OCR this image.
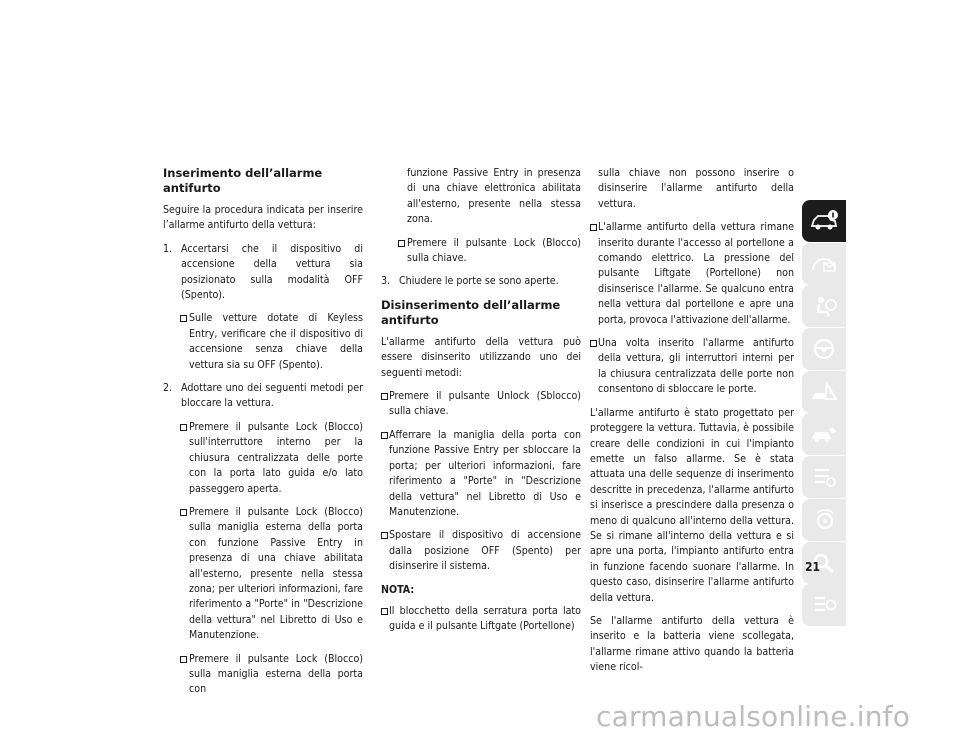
Inserimento dell’allarme antifurto

Seguire la procedura indicata per inserire l’allarme antifurto della vettura:

1. Accertarsi che il dispositivo di accensione della vettura sia posizionato sulla modalità OFF (Spento).
Sulle vetture dotate di Keyless Entry, verificare che il dispositivo di accensione senza chiave della vettura sia su OFF (Spento).
2. Adottare uno dei seguenti metodi per bloccare la vettura.
Premere il pulsante Lock (Blocco) sull'interruttore interno per la chiusura centralizzata delle porte con la porta lato guida e/o lato passeggero aperta.
Premere il pulsante Lock (Blocco) sulla maniglia esterna della porta con funzione Passive Entry in presenza di una chiave abilitata all'esterno, presente nella stessa zona; per ulteriori informazioni, fare riferimento a "Porte" in "Descrizione della vettura" nel Libretto di Uso e Manutenzione.
Premere il pulsante Lock (Blocco) sulla maniglia esterna della porta con
funzione Passive Entry in presenza di una chiave elettronica abilitata all'esterno, presente nella stessa zona.
Premere il pulsante Lock (Blocco) sulla chiave.
3. Chiudere le porte se sono aperte.
Disinserimento dell’allarme antifurto

L'allarme antifurto della vettura può essere disinserito utilizzando uno dei seguenti metodi:

Premere il pulsante Unlock (Sblocco) sulla chiave.
Afferrare la maniglia della porta con funzione Passive Entry per sbloccare la porta; per ulteriori informazioni, fare riferimento a "Porte" in "Descrizione della vettura" nel Libretto di Uso e Manutenzione.
Spostare il dispositivo di accensione dalla posizione OFF (Spento) per disinserire il sistema.
NOTA:
Il blocchetto della serratura porta lato guida e il pulsante Liftgate (Portellone)
sulla chiave non possono inserire o disinserire l'allarme antifurto della vettura.
L'allarme antifurto della vettura rimane inserito durante l'accesso al portellone a comando elettrico. La pressione del pulsante Liftgate (Portellone) non disinserisce l'allarme. Se qualcuno entra nella vettura dal portellone e apre una porta, provoca l'attivazione dell'allarme.
Una volta inserito l'allarme antifurto della vettura, gli interruttori interni per la chiusura centralizzata delle porte non consentono di sbloccare le porte.

L'allarme antifurto è stato progettato per proteggere la vettura. Tuttavia, è possibile creare delle condizioni in cui l'impianto emette un falso allarme. Se è stata attuata una delle sequenze di inserimento descritte in precedenza, l'allarme antifurto si inserisce a prescindere dalla presenza o meno di qualcuno all'interno della vettura. Se si rimane all'interno della vettura e si apre una porta, l'impianto antifurto entra in funzione facendo suonare l'allarme. In questo caso, disinserire l'allarme antifurto della vettura.

Se l'allarme antifurto della vettura è inserito e la batteria viene scollegata, l'allarme rimane attivo quando la batteria viene ricol-

21
carmanualsonline.info
